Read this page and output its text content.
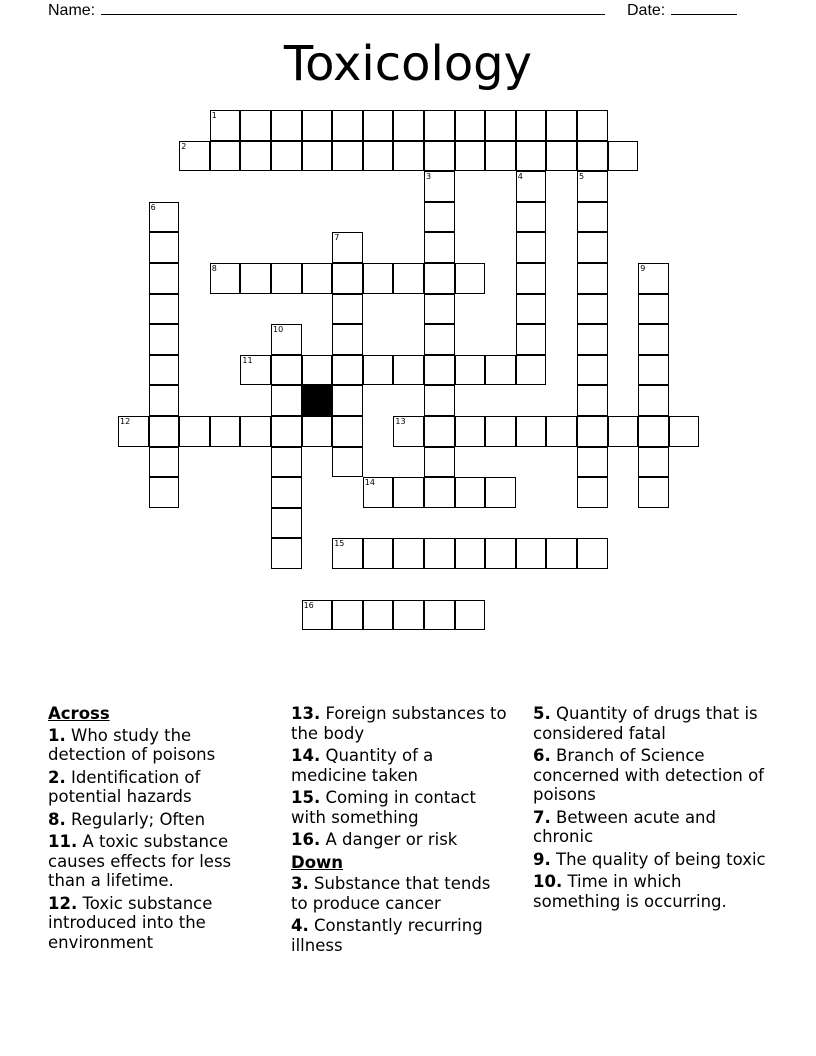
Name:	Date:
Toxicology
1
2
3	4	5
6
7
8	9
10
11
12	13
14
15
16
Across
1. Who study the detection of poisons
2. Identification of potential hazards
8. Regularly; Often
11. A toxic substance causes effects for less than a lifetime.
12. Toxic substance introduced into the environment
13. Foreign substances to the body
14. Quantity of a medicine taken
15. Coming in contact with something
16. A danger or risk
Down
3. Substance that tends to produce cancer
4. Constantly recurring illness
5. Quantity of drugs that is considered fatal
6. Branch of Science concerned with detection of poisons
7. Between acute and chronic
9. The quality of being toxic
10. Time in which something is occurring.
